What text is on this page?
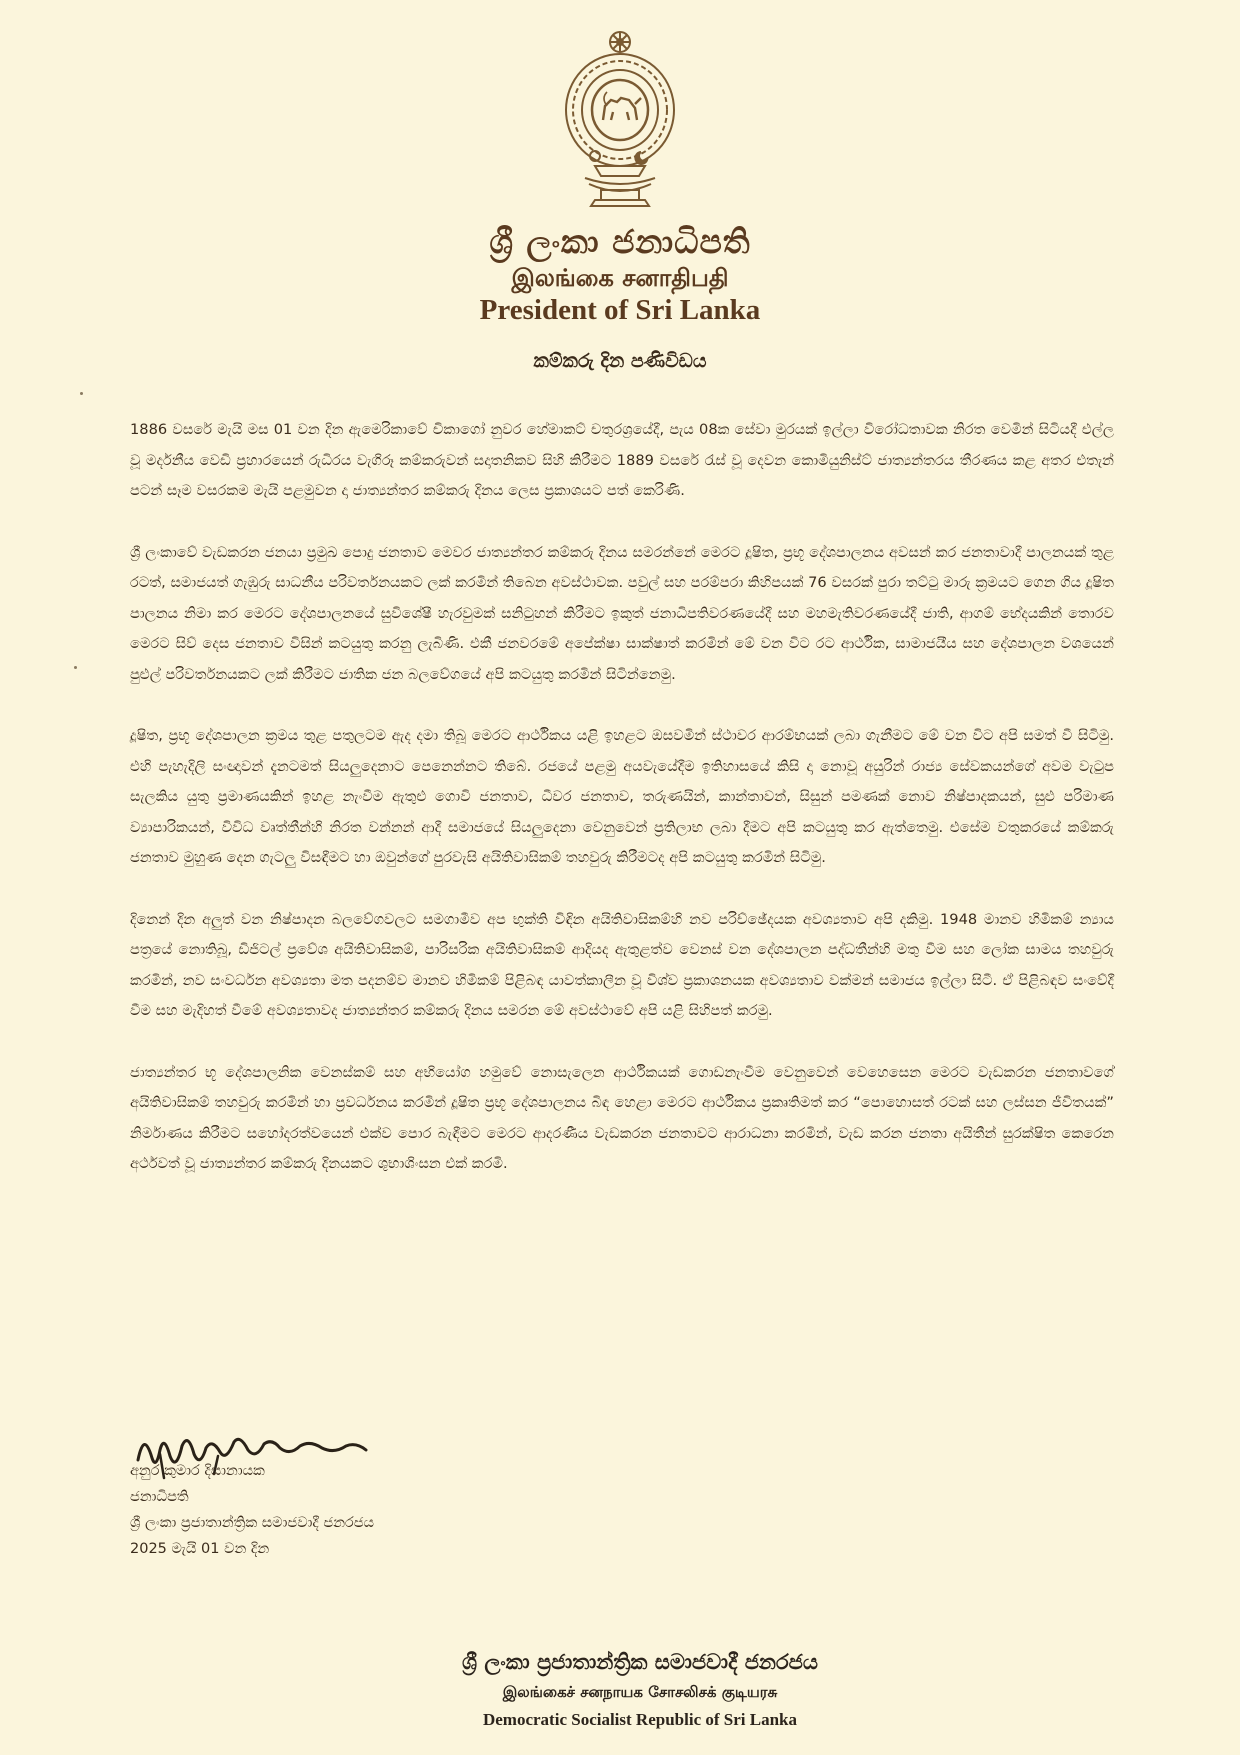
ශ්‍රී ලංකා ජනාධිපති
இலங்கை சனாதிபதி
President of Sri Lanka
කම්කරු දින පණිවිඩය

1886 වසරේ මැයි මස 01 වන දින ඇමෙරිකාවේ චිකාගෝ නුවර හේමාකට් චතුරශ්‍රයේදී, පැය 08ක සේවා මුරයක් ඉල්ලා විරෝධතාවක නිරත වෙමින් සිටියදී එල්ල වූ මර්දනීය වෙඩි ප්‍රහාරයෙන් රුධිරය වැගිරූ කම්කරුවන් සදාතනිකව සිහි කිරීමට 1889 වසරේ රැස් වූ දෙවන කොමියුනිස්ට් ජාත්‍යන්තරය තීරණය කළ අතර එතැන් පටන් සෑම වසරකම මැයි පළමුවන දා ජාත්‍යන්තර කම්කරු දිනය ලෙස ප්‍රකාශයට පත් කෙරිණි.

ශ්‍රී ලංකාවේ වැඩකරන ජනයා ප්‍රමුඛ පොදු ජනතාව මෙවර ජාත්‍යන්තර කම්කරු දිනය සමරන්නේ මෙරට දූෂිත, ප්‍රභූ දේශපාලනය අවසන් කර ජනතාවාදී පාලනයක් තුළ රටත්, සමාජයත් ගැඹුරු සාධනීය පරිවර්තනයකට ලක් කරමින් තිබෙන අවස්ථාවක. පවුල් සහ පරම්පරා කිහිපයක් 76 වසරක් පුරා තට්ටු මාරු ක්‍රමයට ගෙන ගිය දූෂිත පාලනය නිමා කර මෙරට දේශපාලනයේ සුවිශේෂී හැරවුමක් සනිටුහන් කිරීමට ඉකුත් ජනාධිපතිවරණයේදී සහ මහමැතිවරණයේදී ජාති, ආගම් භේදයකින් තොරව මෙරට සිව් දෙස ජනතාව විසින් කටයුතු කරනු ලැබිණි. එකී ජනවරමේ අපේක්ෂා සාක්ෂාත් කරමින් මේ වන විට රට ආර්ථික, සාමාජයීය සහ දේශපාලන වශයෙන් පුළුල් පරිවර්තනයකට ලක් කිරීමට ජාතික ජන බලවේගයේ අපි කටයුතු කරමින් සිටින්නෙමු.

දූෂිත, ප්‍රභූ දේශපාලන ක්‍රමය තුළ පතුලටම ඇද දමා තිබූ මෙරට ආර්ථිකය යළි ඉහළට ඔසවමින් ස්ථාවර ආරම්භයක් ලබා ගැනීමට මේ වන විට අපි සමත් වී සිටිමු. එහි පැහැදිලි සංඥාවන් දැනටමත් සියලුදෙනාට පෙනෙන්නට තිබේ. රජයේ පළමු අයවැයේදීම ඉතිහාසයේ කිසි දා නොවූ අයුරින් රාජ්‍ය සේවකයන්ගේ අවම වැටුප සැලකිය යුතු ප්‍රමාණයකින් ඉහළ නැංවීම ඇතුළු ගොවි ජනතාව, ධීවර ජනතාව, තරුණයින්, කාන්තාවන්, සිසුන් පමණක් නොව නිෂ්පාදකයන්, සුළු පරිමාණ ව්‍යාපාරිකයන්, විවිධ වෘත්තීන්හි නිරත වන්නන් ආදී සමාජයේ සියලුදෙනා වෙනුවෙන් ප්‍රතිලාභ ලබා දීමට අපි කටයුතු කර ඇත්තෙමු. එසේම වතුකරයේ කම්කරු ජනතාව මුහුණ දෙන ගැටලු විසඳීමට හා ඔවුන්ගේ පුරවැසි අයිතිවාසිකම් තහවුරු කිරීමටද අපි කටයුතු කරමින් සිටිමු.

දිනෙන් දින අලුත් වන නිෂ්පාදන බලවේගවලට සමගාමීව අප භුක්ති විඳින අයිතිවාසිකම්හි නව පරිච්ඡේදයක අවශ්‍යතාව අපි දකිමු. 1948 මානව හිමිකම් න්‍යාය පත්‍රයේ නොතිබූ, ඩිජිටල් ප්‍රවේශ අයිතිවාසිකම්, පාරිසරික අයිතිවාසිකම් ආදියද ඇතුළත්ව වෙනස් වන දේශපාලන පද්ධතීන්හි මතු වීම සහ ලෝක සාමය තහවුරු කරමින්, නව සංවර්ධන අවශ්‍යතා මත පදනම්ව මානව හිමිකම් පිළිබඳ යාවත්කාලීන වූ විශ්ව ප්‍රකාශනයක අවශ්‍යතාව වක්මන් සමාජය ඉල්ලා සිටී. ඒ පිළිබඳව සංවේදී වීම සහ මැදිහත් වීමේ අවශ්‍යතාවද ජාත්‍යන්තර කම්කරු දිනය සමරන මේ අවස්ථාවේ අපි යළි සිහිපත් කරමු.

ජාත්‍යන්තර භූ දේශපාලනික වෙනස්කම් සහ අභියෝග හමුවේ නොසැලෙන ආර්ථිකයක් ගොඩනැංවීම වෙනුවෙන් වෙහෙසෙන මෙරට වැඩකරන ජනතාවගේ අයිතිවාසිකම් තහවුරු කරමින් හා ප්‍රවර්ධනය කරමින් දූෂිත ප්‍රභූ දේශපාලනය බිඳ හෙළා මෙරට ආර්ථිකය ප්‍රකෘතිමත් කර “පොහොසත් රටක් සහ ලස්සන ජීවිතයක්” නිර්මාණය කිරීමට සහෝදරත්වයෙන් එක්ව පොර බැඳීමට මෙරට ආදරණීය වැඩකරන ජනතාවට ආරාධනා කරමින්, වැඩ කරන ජනතා අයිතීන් සුරක්ෂිත කෙරෙන අර්ථවත් වූ ජාත්‍යන්තර කම්කරු දිනයකට ශුභාශිංසන එක් කරමි.

අනුර කුමාර දිසානායක
ජනාධිපති
ශ්‍රී ලංකා ප්‍රජාතාන්ත්‍රික සමාජවාදී ජනරජය
2025 මැයි 01 වන දින
ශ්‍රී ලංකා ප්‍රජාතාන්ත්‍රික සමාජවාදී ජනරජය
இலங்கைச் சனநாயக சோசலிசக் குடியரசு
Democratic Socialist Republic of Sri Lanka
